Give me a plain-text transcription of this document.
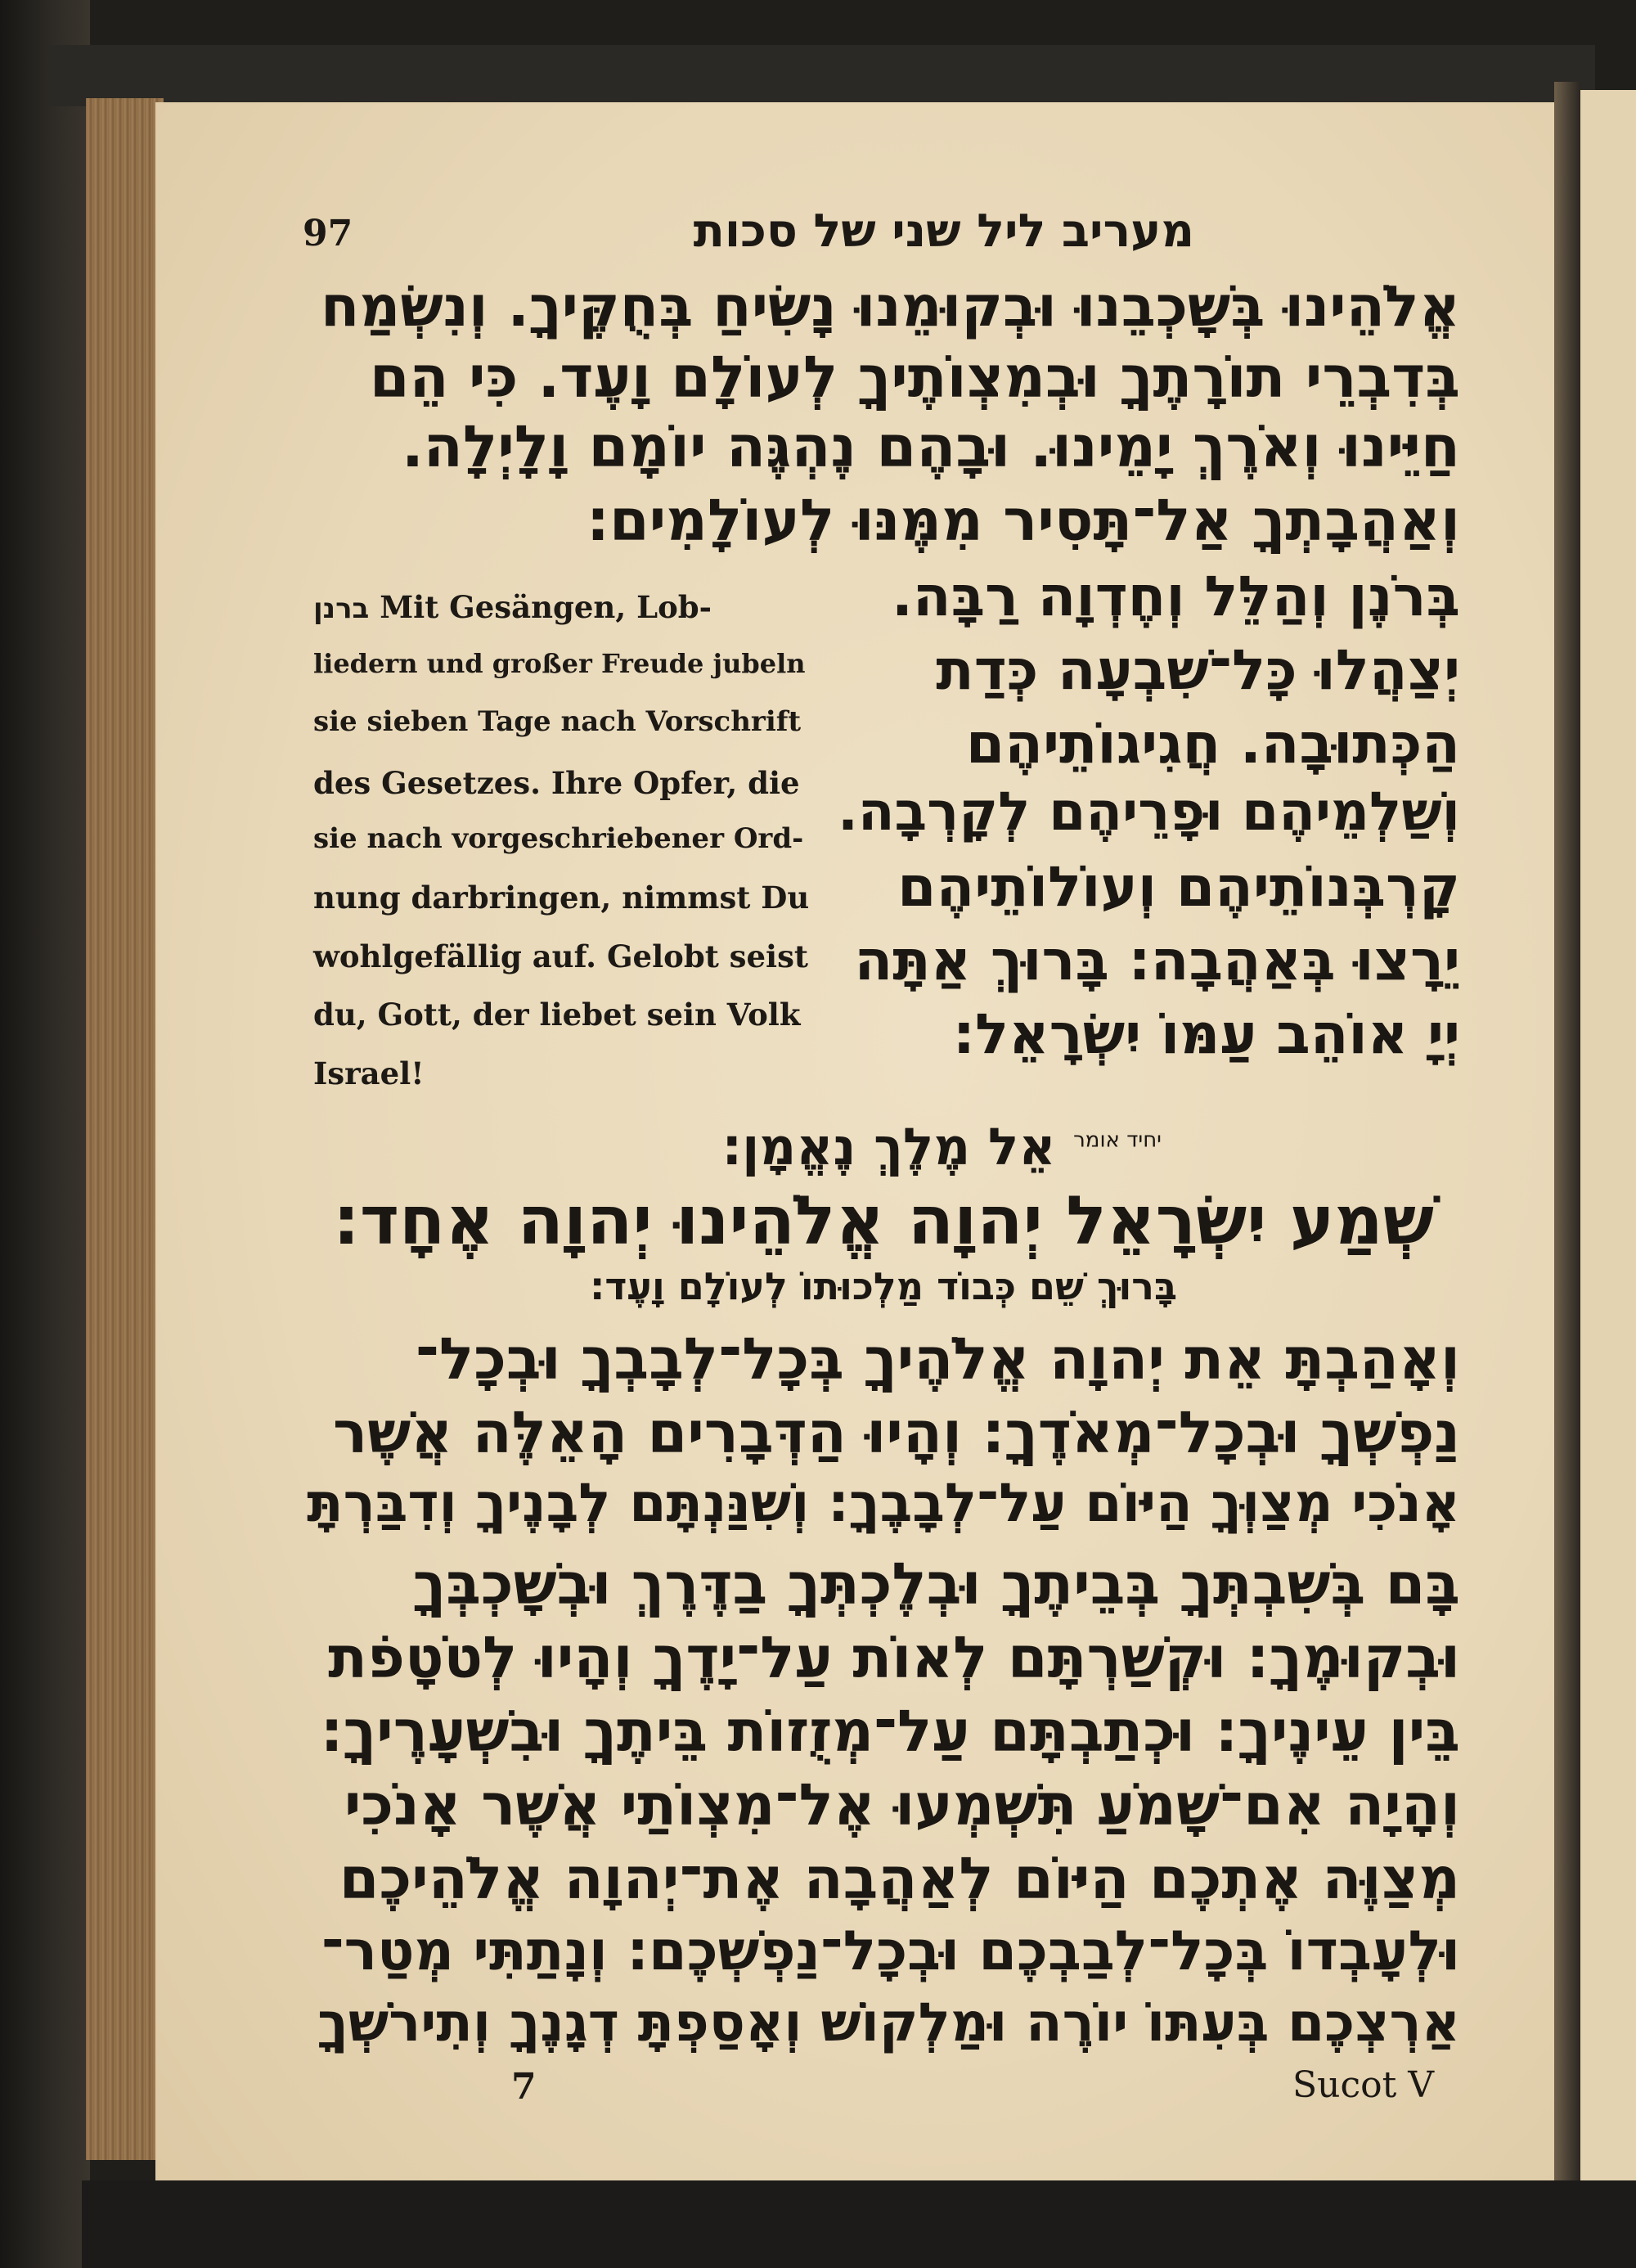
97	מעריב ליל שני של סכות
אֱלֹהֵינוּ בְּשָׁכְבֵנוּ וּבְקוּמֵנוּ נָשִׂיחַ בְּחֻקֶּיךָ. וְנִשְׂמַח
בְּדִבְרֵי תוֹרָתֶךָ וּבְמִצְוֹתֶיךָ לְעוֹלָם וָעֶד. כִּי הֵם
חַיֵּינוּ וְאֹרֶךְ יָמֵינוּ. וּבָהֶם נֶהְגֶּה יוֹמָם וָלָיְלָה.
וְאַהֲבָתְךָ אַל־תָּסִיר מִמֶּנּוּ לְעוֹלָמִים:
בְּרֹנֶן וְהַלֵּל וְחֶדְוָה רַבָּה.
יְצַהֲלוּ כָּל־שִׁבְעָה כְּדַת
הַכְּתוּבָה. חֲגִיגוֹתֵיהֶם
וְשַׁלְמֵיהֶם וּפָרֵיהֶם לְקָרְבָה.
קָרְבְּנוֹתֵיהֶם וְעוֹלוֹתֵיהֶם
יֵרָצוּ בְּאַהֲבָה: בָּרוּךְ אַתָּה
יְיָ אוֹהֵב עַמּוֹ יִשְׂרָאֵל:
ברנן Mit Gesängen, Lob-
liedern und großer Freude jubeln
sie sieben Tage nach Vorschrift
des Gesetzes. Ihre Opfer, die
sie nach vorgeschriebener Ord-
nung darbringen, nimmst Du
wohlgefällig auf. Gelobt seist
du, Gott, der liebet sein Volk
Israel!
$^{יחיד אומר}$ אֵל מֶלֶךְ נֶאֱמָן:
שְׁמַע יִשְׂרָאֵל יְהוָה אֱלֹהֵינוּ יְהוָה אֶחָד:
בָּרוּךְ שֵׁם כְּבוֹד מַלְכוּתוֹ לְעוֹלָם וָעֶד:
וְאָהַבְתָּ אֵת יְהוָה אֱלֹהֶיךָ בְּכָל־לְבָבְךָ וּבְכָל־
נַפְשְׁךָ וּבְכָל־מְאֹדֶךָ: וְהָיוּ הַדְּבָרִים הָאֵלֶּה אֲשֶׁר
אָנֹכִי מְצַוְּךָ הַיּוֹם עַל־לְבָבֶךָ: וְשִׁנַּנְתָּם לְבָנֶיךָ וְדִבַּרְתָּ
בָּם בְּשִׁבְתְּךָ בְּבֵיתֶךָ וּבְלֶכְתְּךָ בַדֶּרֶךְ וּבְשָׁכְבְּךָ
וּבְקוּמֶךָ: וּקְשַׁרְתָּם לְאוֹת עַל־יָדֶךָ וְהָיוּ לְטֹטָפֹת
בֵּין עֵינֶיךָ: וּכְתַבְתָּם עַל־מְזֻזוֹת בֵּיתֶךָ וּבִשְׁעָרֶיךָ:
וְהָיָה אִם־שָׁמֹעַ תִּשְׁמְעוּ אֶל־מִצְוֹתַי אֲשֶׁר אָנֹכִי
מְצַוֶּה אֶתְכֶם הַיּוֹם לְאַהֲבָה אֶת־יְהוָה אֱלֹהֵיכֶם
וּלְעָבְדוֹ בְּכָל־לְבַבְכֶם וּבְכָל־נַפְשְׁכֶם: וְנָתַתִּי מְטַר־
אַרְצְכֶם בְּעִתּוֹ יוֹרֶה וּמַלְקוֹשׁ וְאָסַפְתָּ דְגָנֶךָ וְתִירֹשְׁךָ
7	Sucot V
